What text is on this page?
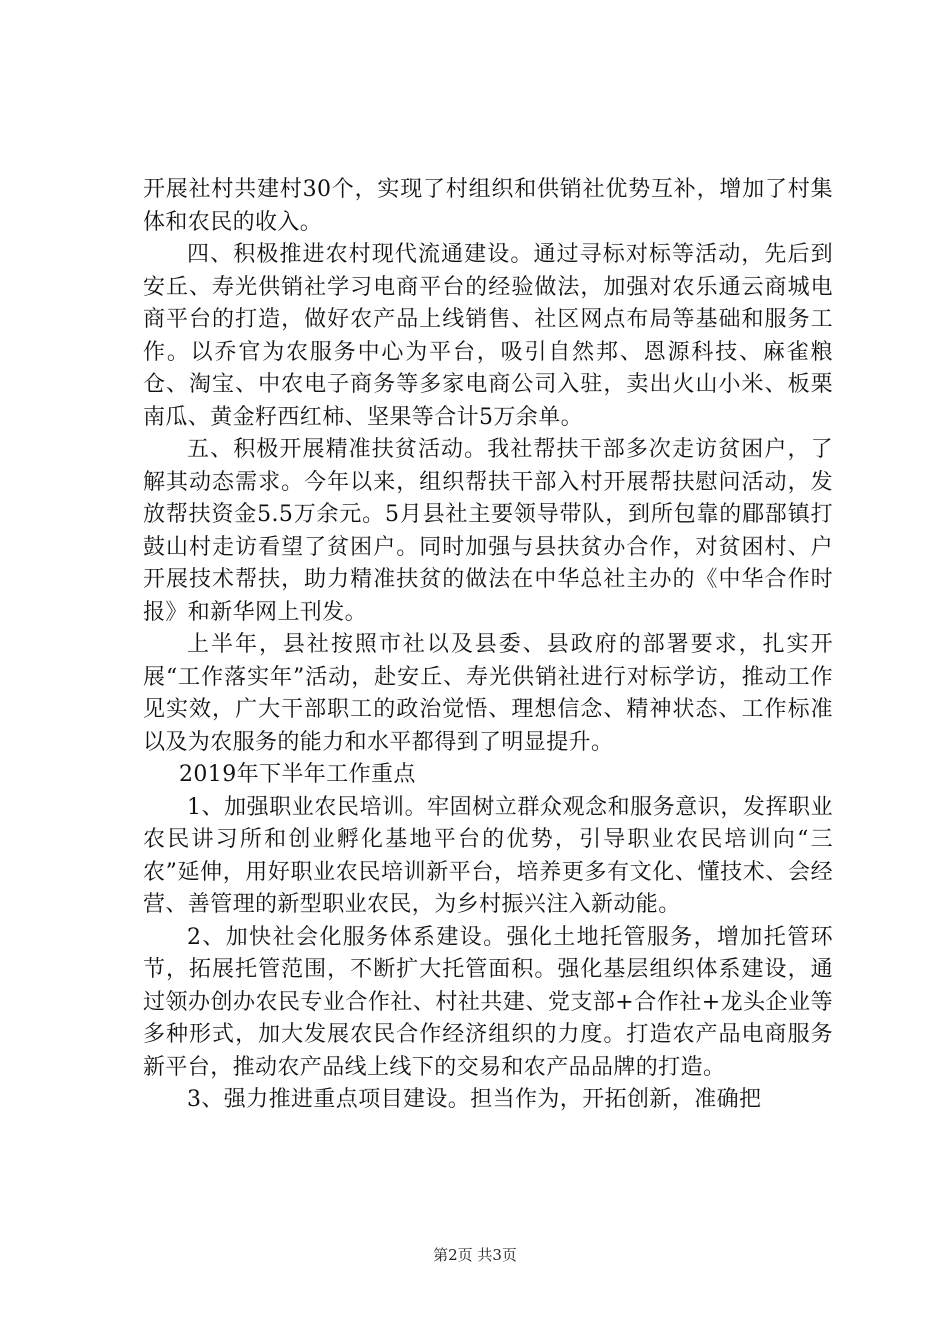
开展社村共建村30个，实现了村组织和供销社优势互补，增加了村集体和农民的收入。

四、积极推进农村现代流通建设。通过寻标对标等活动，先后到安丘、寿光供销社学习电商平台的经验做法，加强对农乐通云商城电商平台的打造，做好农产品上线销售、社区网点布局等基础和服务工作。以乔官为农服务中心为平台，吸引自然邦、恩源科技、麻雀粮仓、淘宝、中农电子商务等多家电商公司入驻，卖出火山小米、板栗南瓜、黄金籽西红柿、坚果等合计5万余单。

五、积极开展精准扶贫活动。我社帮扶干部多次走访贫困户，了解其动态需求。今年以来，组织帮扶干部入村开展帮扶慰问活动，发放帮扶资金5.5万余元。5月县社主要领导带队，到所包靠的郿郚镇打鼓山村走访看望了贫困户。同时加强与县扶贫办合作，对贫困村、户开展技术帮扶，助力精准扶贫的做法在中华总社主办的《中华合作时报》和新华网上刊发。

上半年，县社按照市社以及县委、县政府的部署要求，扎实开展“工作落实年”活动，赴安丘、寿光供销社进行对标学访，推动工作见实效，广大干部职工的政治觉悟、理想信念、精神状态、工作标准以及为农服务的能力和水平都得到了明显提升。

2019年下半年工作重点

1、加强职业农民培训。牢固树立群众观念和服务意识，发挥职业农民讲习所和创业孵化基地平台的优势，引导职业农民培训向“三农”延伸，用好职业农民培训新平台，培养更多有文化、懂技术、会经营、善管理的新型职业农民，为乡村振兴注入新动能。

2、加快社会化服务体系建设。强化土地托管服务，增加托管环节，拓展托管范围，不断扩大托管面积。强化基层组织体系建设，通过领办创办农民专业合作社、村社共建、党支部+合作社+龙头企业等多种形式，加大发展农民合作经济组织的力度。打造农产品电商服务新平台，推动农产品线上线下的交易和农产品品牌的打造。

3、强力推进重点项目建设。担当作为，开拓创新，准确把

第2页 共3页
